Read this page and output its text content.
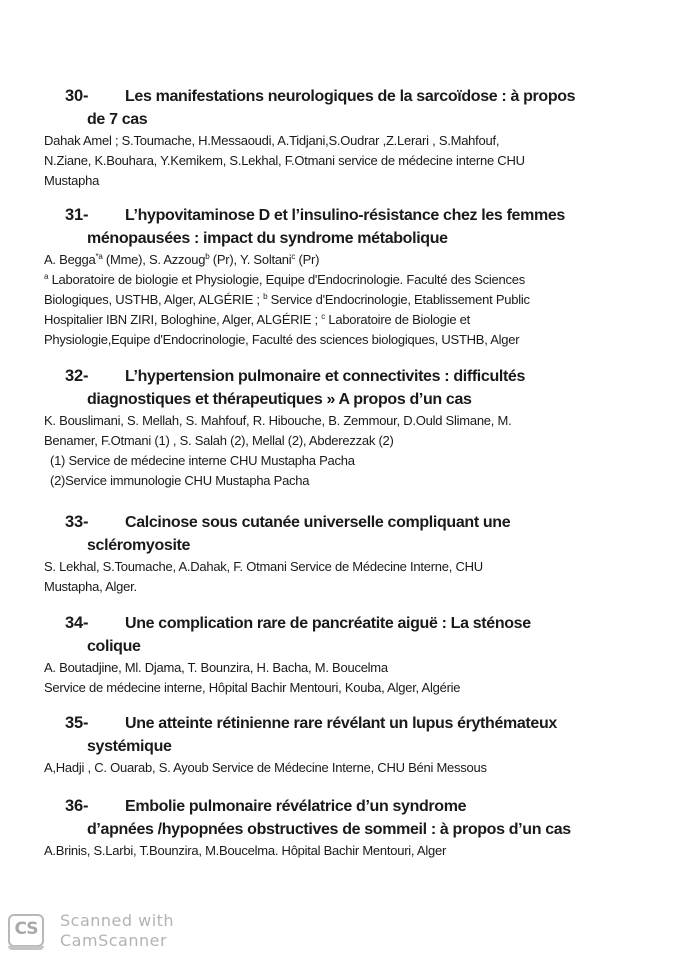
30- Les manifestations neurologiques de la sarcoïdose : à propos
de 7 cas
Dahak Amel ; S.Toumache, H.Messaoudi, A.Tidjani,S.Oudrar ,Z.Lerari , S.Mahfouf,
N.Ziane, K.Bouhara, Y.Kemikem, S.Lekhal, F.Otmani service de médecine interne CHU
Mustapha
31- L’hypovitaminose D et l’insulino-résistance chez les femmes
ménopausées : impact du syndrome métabolique
A. Begga$^{*a}$ (Mme), S. Azzoug$^b$ (Pr), Y. Soltani$^c$ (Pr)
$^a$ Laboratoire de biologie et Physiologie, Equipe d'Endocrinologie. Faculté des Sciences
Biologiques, USTHB, Alger, ALGÉRIE ; $^b$ Service d'Endocrinologie, Etablissement Public
Hospitalier IBN ZIRI, Bologhine, Alger, ALGÉRIE ; $^c$ Laboratoire de Biologie et
Physiologie,Equipe d'Endocrinologie, Faculté des sciences biologiques, USTHB, Alger
32- L’hypertension pulmonaire et connectivites : difficultés
diagnostiques et thérapeutiques » A propos d’un cas
K. Bouslimani, S. Mellah, S. Mahfouf, R. Hibouche, B. Zemmour, D.Ould Slimane, M.
Benamer, F.Otmani (1) , S. Salah (2), Mellal (2), Abderezzak (2)
(1) Service de médecine interne CHU Mustapha Pacha
(2)Service immunologie CHU Mustapha Pacha
33- Calcinose sous cutanée universelle compliquant une
scléromyosite
S. Lekhal, S.Toumache, A.Dahak, F. Otmani Service de Médecine Interne, CHU
Mustapha, Alger.
34- Une complication rare de pancréatite aiguë : La sténose
colique
A. Boutadjine, Ml. Djama, T. Bounzira, H. Bacha, M. Boucelma
Service de médecine interne, Hôpital Bachir Mentouri, Kouba, Alger, Algérie
35- Une atteinte rétinienne rare révélant un lupus érythémateux
systémique
A,Hadji , C. Ouarab, S. Ayoub Service de Médecine Interne, CHU Béni Messous
36- Embolie pulmonaire révélatrice d’un syndrome
d’apnées /hypopnées obstructives de sommeil : à propos d’un cas
A.Brinis, S.Larbi, T.Bounzira, M.Boucelma. Hôpital Bachir Mentouri, Alger
CS	Scanned with
CamScanner
